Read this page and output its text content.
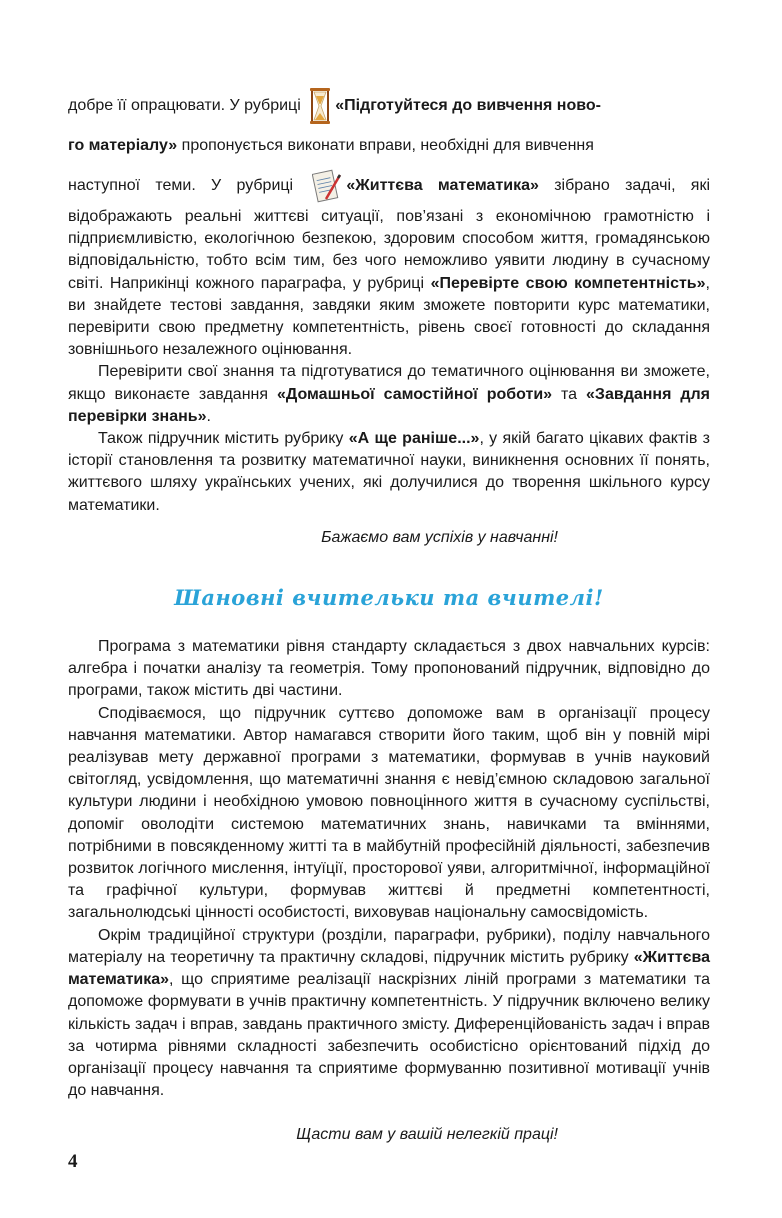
добре її опрацювати. У рубриці «Підготуйтеся до вивчення ново-
го матеріалу» пропонується виконати вправи, необхідні для вивчення
наступної теми. У рубриці «Життєва математика» зібрано задачі, які відображають реальні життєві ситуації, пов’язані з економічною грамотністю і підприємливістю, екологічною безпекою, здоровим способом життя, громадянською відповідальністю, тобто всім тим, без чого неможливо уявити людину в сучасному світі. Наприкінці кожного параграфа, у рубриці «Перевірте свою компетентність», ви знайдете тестові завдання, завдяки яким зможете повторити курс математики, перевірити свою предметну компетентність, рівень своєї готовності до складання зовнішнього незалежного оцінювання.

Перевірити свої знання та підготуватися до тематичного оцінювання ви зможете, якщо виконаєте завдання «Домашньої самостійної роботи» та «Завдання для перевірки знань».

Також підручник містить рубрику «А ще раніше...», у якій багато цікавих фактів з історії становлення та розвитку математичної науки, виникнення основних її понять, життєвого шляху українських учених, які долучилися до творення шкільного курсу математики.

Бажаємо вам успіхів у навчанні!

Шановні вчительки та вчителі!

Програма з математики рівня стандарту складається з двох навчальних курсів: алгебра і початки аналізу та геометрія. Тому пропонований підручник, відповідно до програми, також містить дві частини.

Сподіваємося, що підручник суттєво допоможе вам в організації процесу навчання математики. Автор намагався створити його таким, щоб він у повній мірі реалізував мету державної програми з математики, формував в учнів науковий світогляд, усвідомлення, що математичні знання є невід’ємною складовою загальної культури людини і необхідною умовою повноцінного життя в сучасному суспільстві, допоміг оволодіти системою математичних знань, навичками та вміннями, потрібними в повсякденному житті та в майбутній професійній діяльності, забезпечив розвиток логічного мислення, інтуїції, просторової уяви, алгоритмічної, інформаційної та графічної культури, формував життєві й предметні компетентності, загальнолюдські цінності особистості, виховував національну самосвідомість.

Окрім традиційної структури (розділи, параграфи, рубрики), поділу навчального матеріалу на теоретичну та практичну складові, підручник містить рубрику «Життєва математика», що сприятиме реалізації наскрізних ліній програми з математики та допоможе формувати в учнів практичну компетентність. У підручник включено велику кількість задач і вправ, завдань практичного змісту. Диференційованість задач і вправ за чотирма рівнями складності забезпечить особистісно орієнтований підхід до організації процесу навчання та сприятиме формуванню позитивної мотивації учнів до навчання.

Щасти вам у вашій нелегкій праці!

4
